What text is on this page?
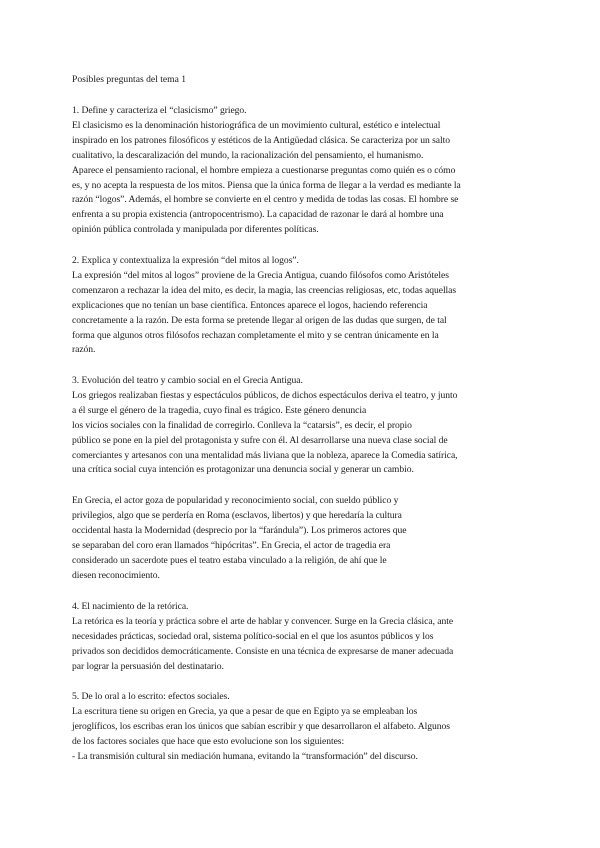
Posibles preguntas del tema 1
1. Define y caracteriza el “clasicismo” griego.
El clasicismo es la denominación historiográfica de un movimiento cultural, estético e intelectual
inspirado en los patrones filosóficos y estéticos de la Antigüedad clásica. Se caracteriza por un salto
cualitativo, la descaralización del mundo, la racionalización del pensamiento, el humanismo.
Aparece el pensamiento racional, el hombre empieza a cuestionarse preguntas como quién es o cómo
es, y no acepta la respuesta de los mitos. Piensa que la única forma de llegar a la verdad es mediante la
razón “logos”. Además, el hombre se convierte en el centro y medida de todas las cosas. El hombre se
enfrenta a su propia existencia (antropocentrismo). La capacidad de razonar le dará al hombre una
opinión pública controlada y manipulada por diferentes políticas.
2. Explica y contextualiza la expresión “del mitos al logos”.
La expresión “del mitos al logos” proviene de la Grecia Antigua, cuando filósofos como Aristóteles
comenzaron a rechazar la idea del mito, es decir, la magia, las creencias religiosas, etc, todas aquellas
explicaciones que no tenían un base científica. Entonces aparece el logos, haciendo referencia
concretamente a la razón. De esta forma se pretende llegar al origen de las dudas que surgen, de tal
forma que algunos otros filósofos rechazan completamente el mito y se centran únicamente en la
razón.
3. Evolución del teatro y cambio social en el Grecia Antigua.
Los griegos realizaban fiestas y espectáculos públicos, de dichos espectáculos deriva el teatro, y junto
a él surge el género de la tragedia, cuyo final es trágico. Este género denuncia
los vicios sociales con la finalidad de corregirlo. Conlleva la “catarsis”, es decir, el propio
público se pone en la piel del protagonista y sufre con él. Al desarrollarse una nueva clase social de
comerciantes y artesanos con una mentalidad más liviana que la nobleza, aparece la Comedia satírica,
una crítica social cuya intención es protagonizar una denuncia social y generar un cambio.
En Grecia, el actor goza de popularidad y reconocimiento social, con sueldo público y
privilegios, algo que se perdería en Roma (esclavos, libertos) y que heredaría la cultura
occidental hasta la Modernidad (desprecio por la “farándula”). Los primeros actores que
se separaban del coro eran llamados “hipócritas”. En Grecia, el actor de tragedia era
considerado un sacerdote pues el teatro estaba vinculado a la religión, de ahí que le
diesen reconocimiento.
4. El nacimiento de la retórica.
La retórica es la teoría y práctica sobre el arte de hablar y convencer. Surge en la Grecia clásica, ante
necesidades prácticas, sociedad oral, sistema político-social en el que los asuntos públicos y los
privados son decididos democráticamente. Consiste en una técnica de expresarse de maner adecuada
par lograr la persuasión del destinatario.
5. De lo oral a lo escrito: efectos sociales.
La escritura tiene su origen en Grecia, ya que a pesar de que en Egipto ya se empleaban los
jeroglíficos, los escribas eran los únicos que sabían escribir y que desarrollaron el alfabeto. Algunos
de los factores sociales que hace que esto evolucione son los siguientes:
- La transmisión cultural sin mediación humana, evitando la “transformación” del discurso.
